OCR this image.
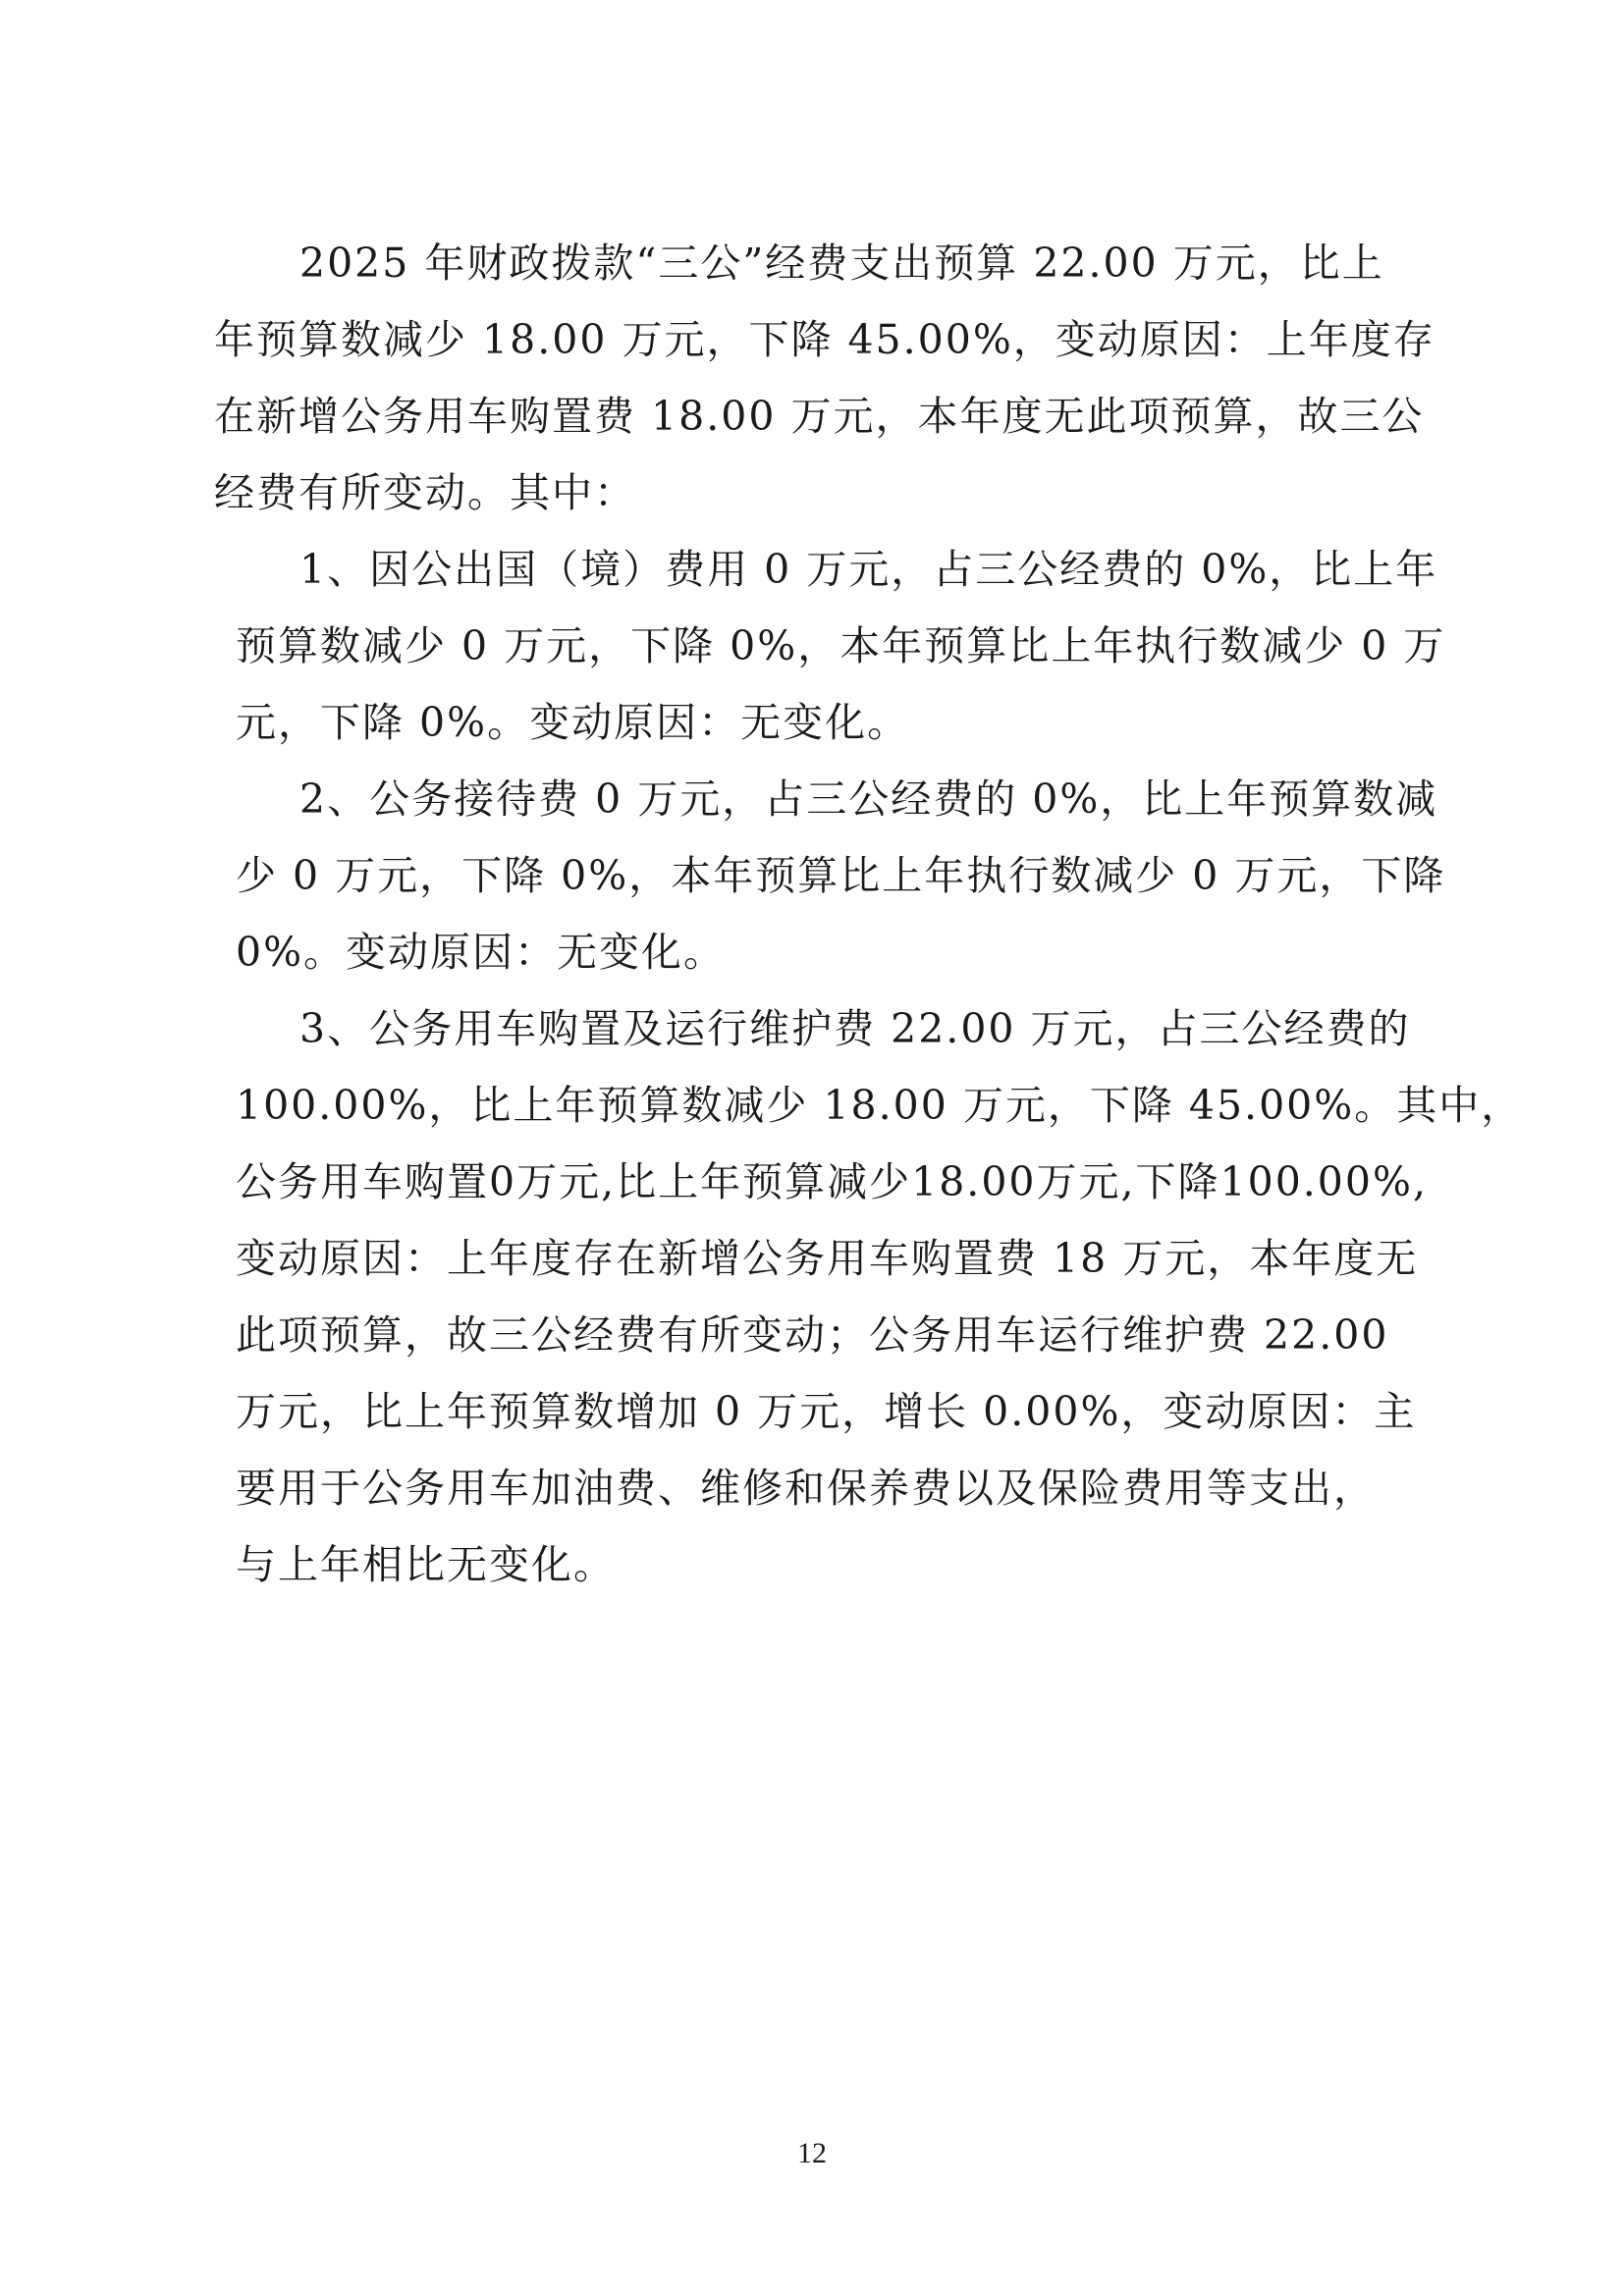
2025 年财政拨款“三公”经费支出预算 22.00 万元，比上
年预算数减少 18.00 万元，下降 45.00%，变动原因：上年度存
在新增公务用车购置费 18.00 万元，本年度无此项预算，故三公
经费有所变动。其中：
1、因公出国（境）费用 0 万元，占三公经费的 0%，比上年
预算数减少 0 万元，下降 0%，本年预算比上年执行数减少 0 万
元，下降 0%。变动原因：无变化。
2、公务接待费 0 万元，占三公经费的 0%，比上年预算数减
少 0 万元，下降 0%，本年预算比上年执行数减少 0 万元，下降
0%。变动原因：无变化。
3、公务用车购置及运行维护费 22.00 万元，占三公经费的
100.00%，比上年预算数减少 18.00 万元，下降 45.00%。其中，
公务用车购置0万元,比上年预算减少18.00万元,下降100.00%,
变动原因：上年度存在新增公务用车购置费 18 万元，本年度无
此项预算，故三公经费有所变动；公务用车运行维护费 22.00
万元，比上年预算数增加 0 万元，增长 0.00%，变动原因：主
要用于公务用车加油费、维修和保养费以及保险费用等支出，
与上年相比无变化。
12
